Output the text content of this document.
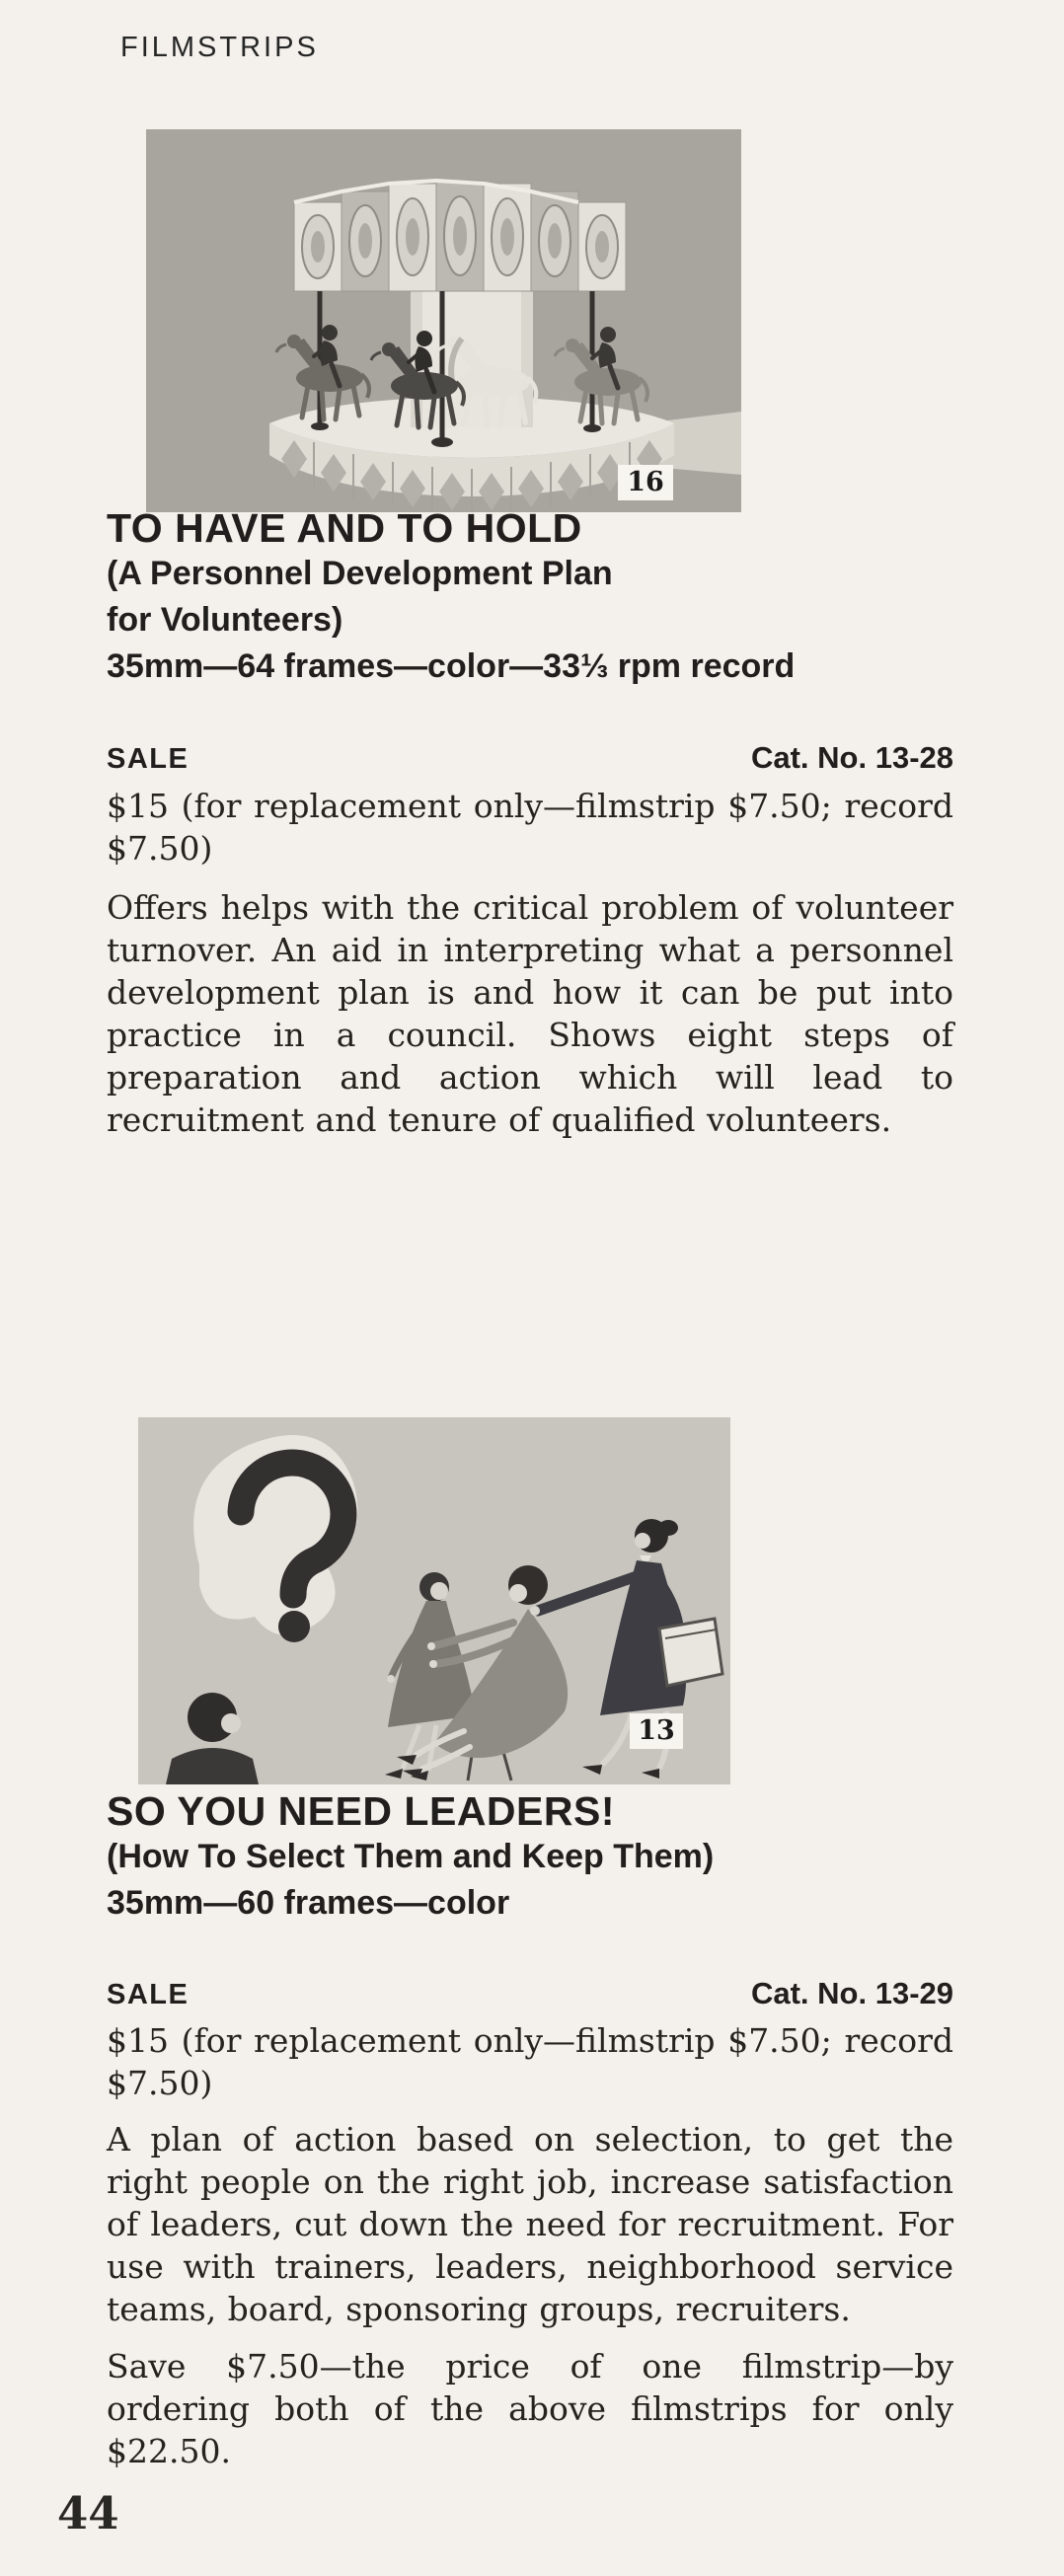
FILMSTRIPS
16
TO HAVE AND TO HOLD
(A Personnel Development Plan
for Volunteers)
35mm—64 frames—color—33⅓ rpm record
SALE	Cat. No. 13-28
$15 (for replacement only—filmstrip $7.50; record $7.50)
Offers helps with the critical problem of volunteer turnover. An aid in interpreting what a personnel development plan is and how it can be put into practice in a council. Shows eight steps of preparation and action which will lead to recruitment and tenure of qualified volunteers.
13
SO YOU NEED LEADERS!
(How To Select Them and Keep Them)
35mm—60 frames—color
SALE	Cat. No. 13-29
$15 (for replacement only—filmstrip $7.50; record $7.50)
A plan of action based on selection, to get the right people on the right job, increase satisfaction of leaders, cut down the need for recruitment. For use with trainers, leaders, neighborhood service teams, board, sponsoring groups, recruiters.
Save $7.50—the price of one filmstrip—by ordering both of the above filmstrips for only $22.50.
44
